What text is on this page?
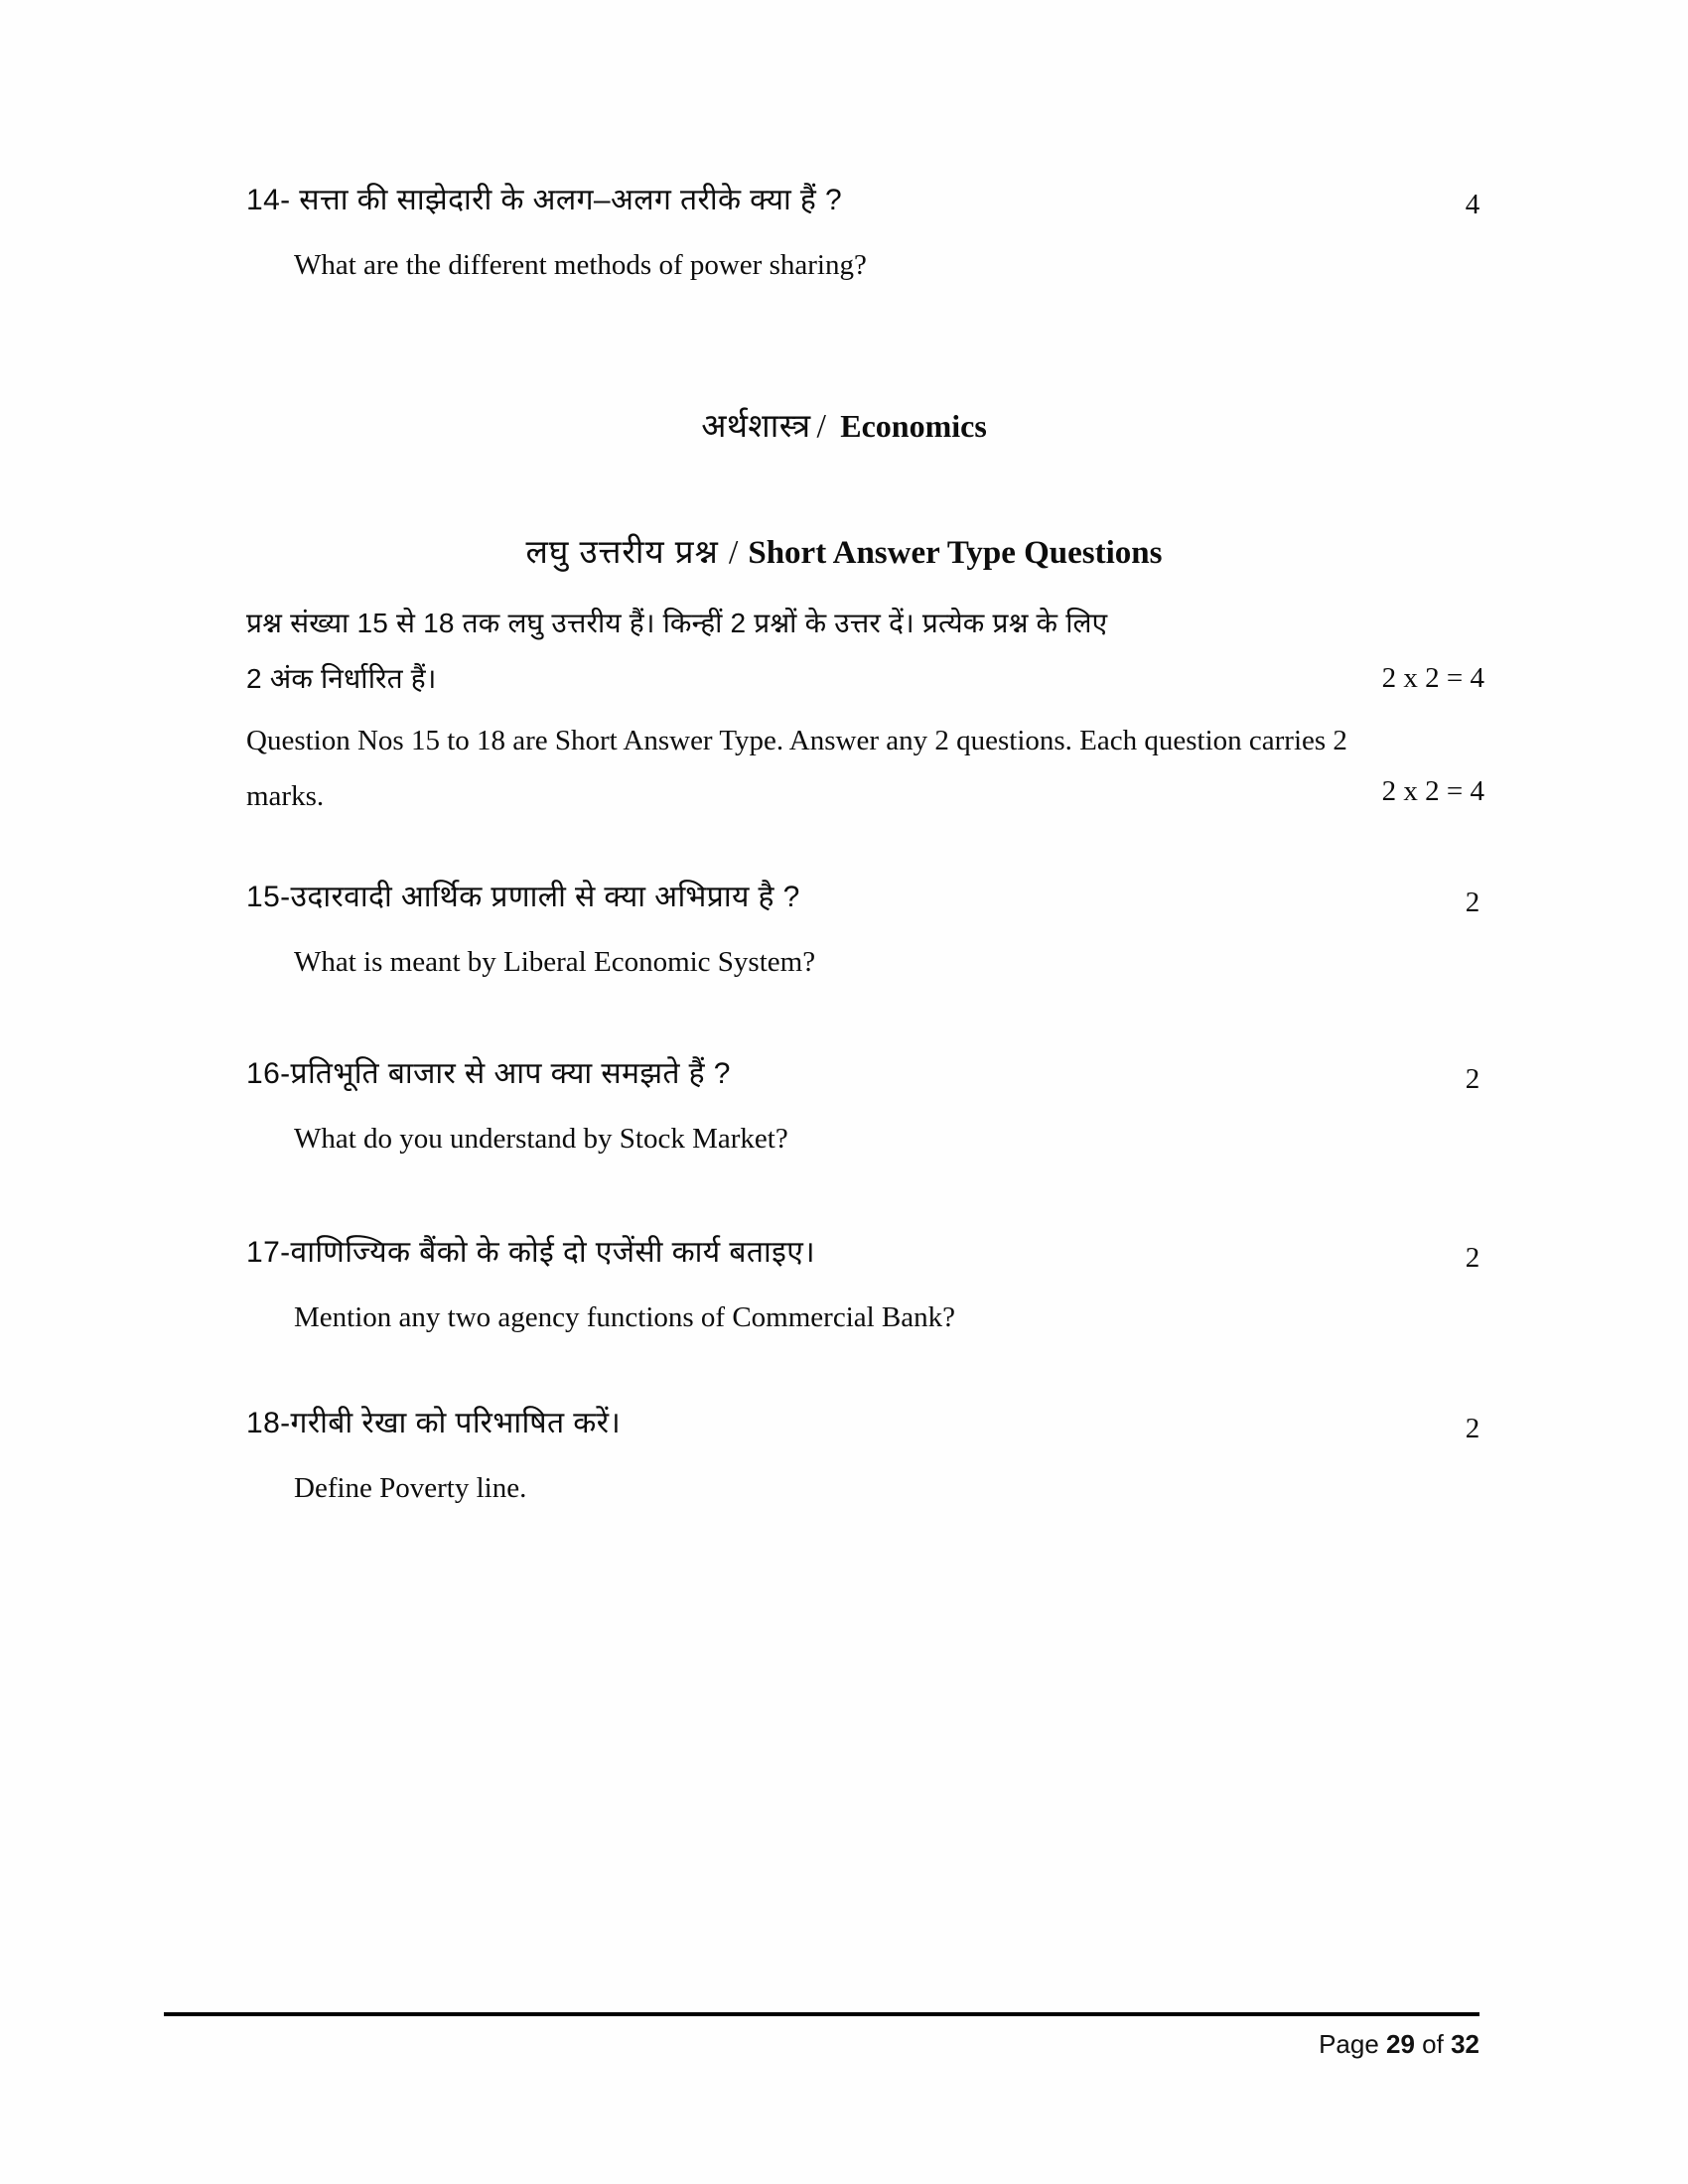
14- सत्ता की साझेदारी के अलग–अलग तरीके क्या हैं ?
What are the different methods of power sharing?
4
अर्थशास्त्र / Economics
लघु उत्तरीय प्रश्न / Short Answer Type Questions
प्रश्न संख्या 15 से 18 तक लघु उत्तरीय हैं। किन्हीं 2 प्रश्नों के उत्तर दें। प्रत्येक प्रश्न के लिए
2 अंक निर्धारित हैं।	2 x 2 = 4
Question Nos 15 to 18 are Short Answer Type. Answer any 2 questions. Each question carries 2
marks.	2 x 2 = 4
15-उदारवादी आर्थिक प्रणाली से क्या अभिप्राय है ?
What is meant by Liberal Economic System?
2
16-प्रतिभूति बाजार से आप क्या समझते हैं ?
What do you understand by Stock Market?
2
17-वाणिज्यिक बैंको के कोई दो एजेंसी कार्य बताइए।
Mention any two agency functions of Commercial Bank?
2
18-गरीबी रेखा को परिभाषित करें।
Define Poverty line.
2
Page 29 of 32
